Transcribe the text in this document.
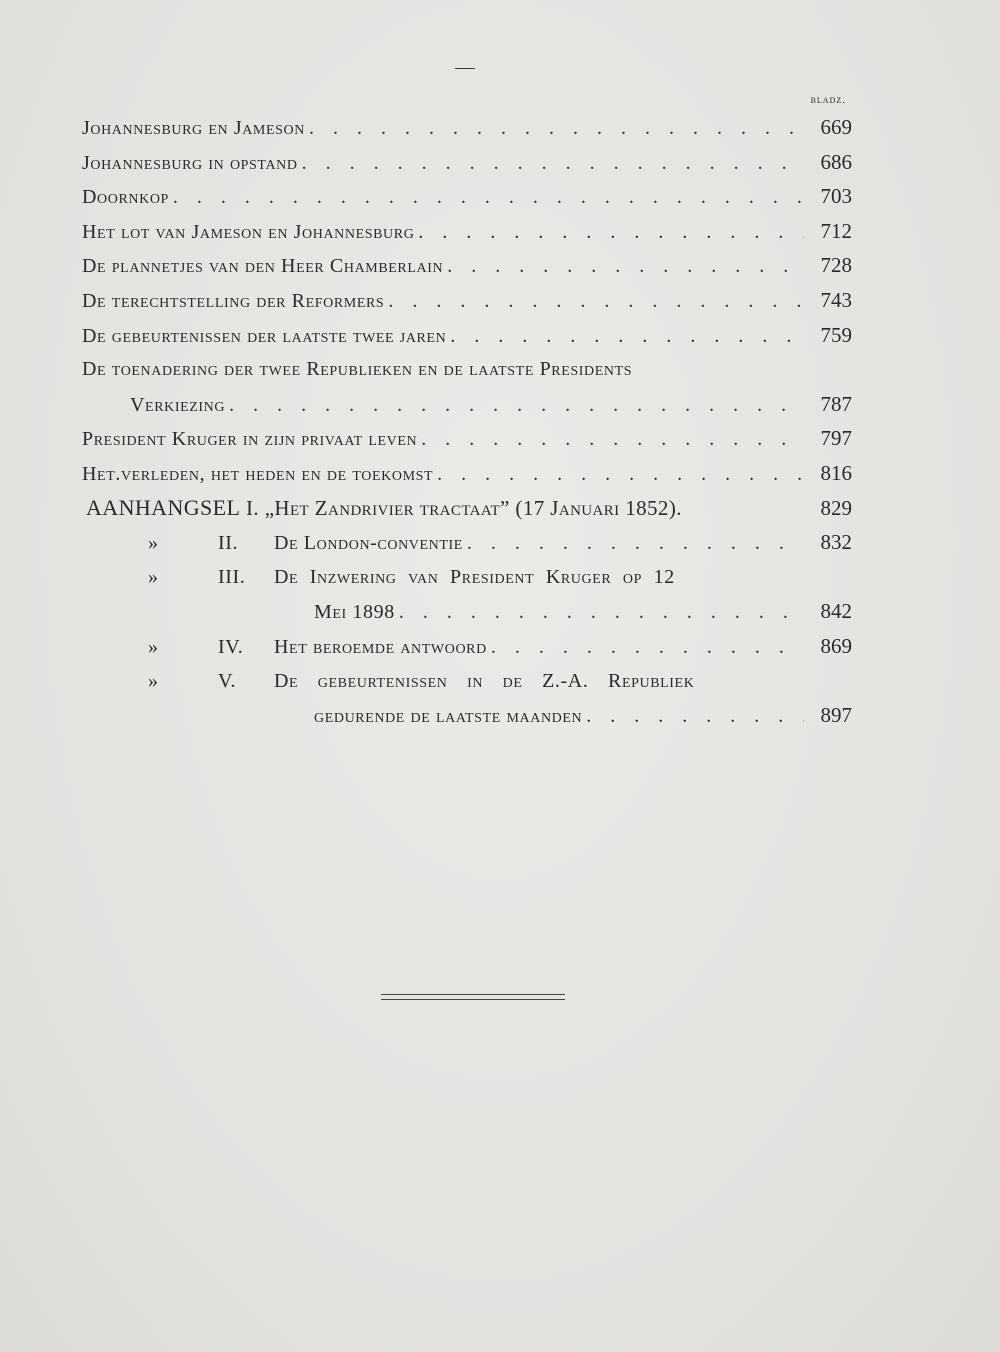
bladz.
Johannesburg en Jameson . . .	669
Johannesburg in opstand . . .	686
Doornkop . . .	703
Het lot van Jameson en Johannesburg . . .	712
De plannetjes van den Heer Chamberlain . . .	728
De terechtstelling der Reformers . . .	743
De gebeurtenissen der laatste twee jaren . . .	759
De toenadering der twee Republieken en de laatste Presidents
Verkiezing . . .	787
President Kruger in zijn privaat leven . . .	797
Het.verleden, het heden en de toekomst . . .	816
AANHANGSEL I. „Het Zandrivier tractaat” (17 Januari 1852).	829
»	II. De London-conventie . . .	832
»	III. De Inzwering van President Kruger op 12
Mei 1898 . . .	842
»	IV. Het beroemde antwoord . . .	869
»	V. De gebeurtenissen in de Z.-A. Republiek
gedurende de laatste maanden . . .	897
